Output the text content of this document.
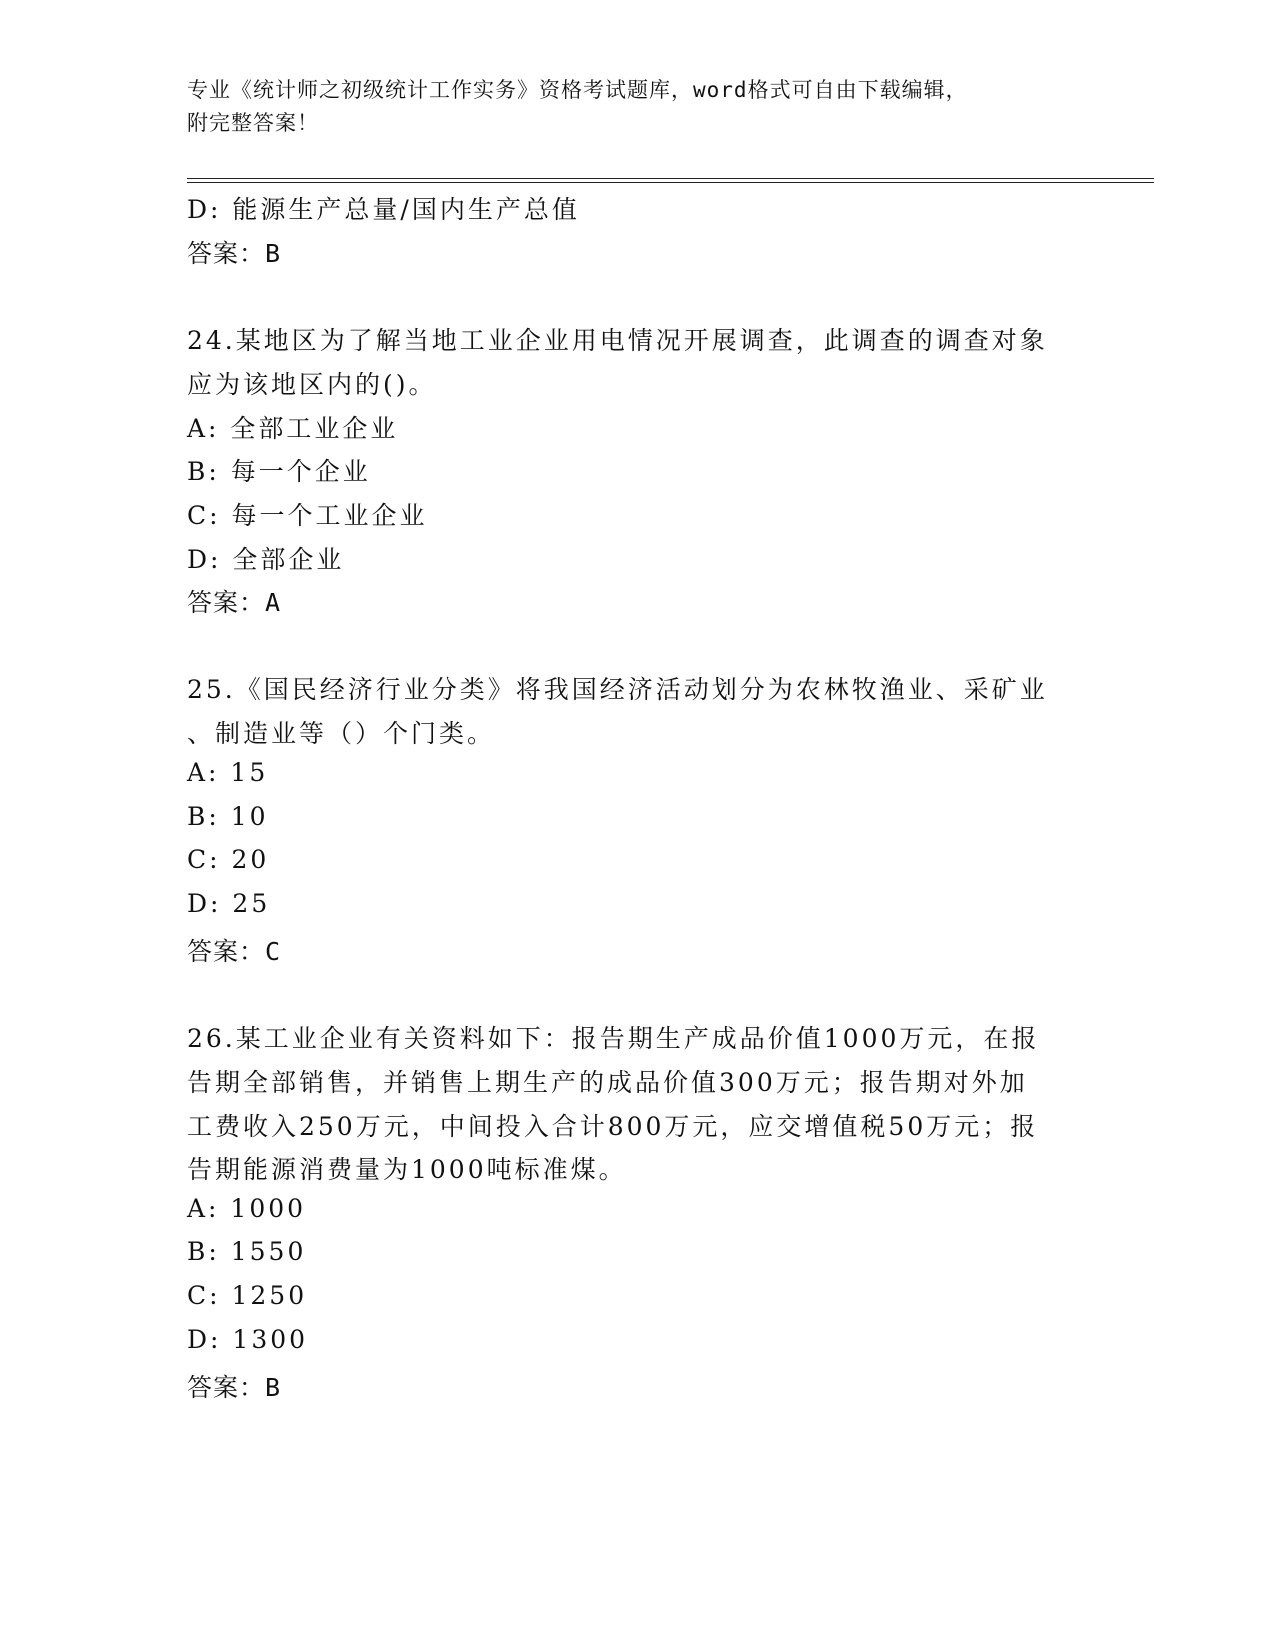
专业《统计师之初级统计工作实务》资格考试题库，word格式可自由下载编辑，
附完整答案！
D: 能源生产总量/国内生产总值
答案：B
24.某地区为了解当地工业企业用电情况开展调查，此调查的调查对象
应为该地区内的()。
A: 全部工业企业
B: 每一个企业
C: 每一个工业企业
D: 全部企业
答案：A
25.《国民经济行业分类》将我国经济活动划分为农林牧渔业、采矿业
、制造业等（）个门类。
A: 15
B: 10
C: 20
D: 25
答案：C
26.某工业企业有关资料如下：报告期生产成品价值1000万元，在报
告期全部销售，并销售上期生产的成品价值300万元；报告期对外加
工费收入250万元，中间投入合计800万元，应交增值税50万元；报
告期能源消费量为1000吨标准煤。
A: 1000
B: 1550
C: 1250
D: 1300
答案：B
